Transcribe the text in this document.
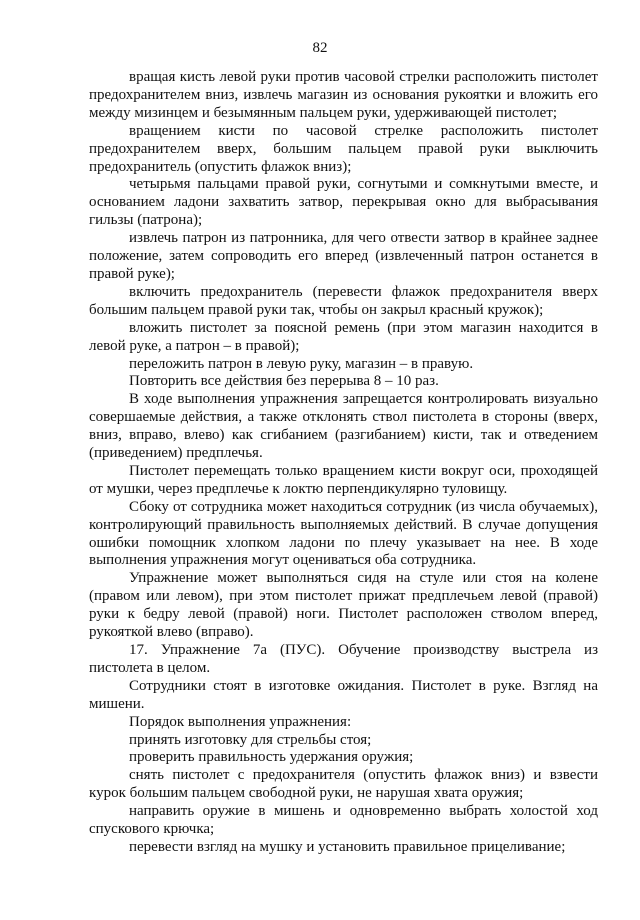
82

вращая кисть левой руки против часовой стрелки расположить пистолет предохранителем вниз, извлечь магазин из основания рукоятки и вложить его между мизинцем и безымянным пальцем руки, удерживающей пистолет;

вращением кисти по часовой стрелке расположить пистолет предохранителем вверх, большим пальцем правой руки выключить предохранитель (опустить флажок вниз);

четырьмя пальцами правой руки, согнутыми и сомкнутыми вместе, и основанием ладони захватить затвор, перекрывая окно для выбрасывания гильзы (патрона);

извлечь патрон из патронника, для чего отвести затвор в крайнее заднее положение, затем сопроводить его вперед (извлеченный патрон останется в правой руке);

включить предохранитель (перевести флажок предохранителя вверх большим пальцем правой руки так, чтобы он закрыл красный кружок);

вложить пистолет за поясной ремень (при этом магазин находится в левой руке, а патрон – в правой);

переложить патрон в левую руку, магазин – в правую.

Повторить все действия без перерыва 8 – 10 раз.

В ходе выполнения упражнения запрещается контролировать визуально совершаемые действия, а также отклонять ствол пистолета в стороны (вверх, вниз, вправо, влево) как сгибанием (разгибанием) кисти, так и отведением (приведением) предплечья.

Пистолет перемещать только вращением кисти вокруг оси, проходящей от мушки, через предплечье к локтю перпендикулярно туловищу.

Сбоку от сотрудника может находиться сотрудник (из числа обучаемых), контролирующий правильность выполняемых действий. В случае допущения ошибки помощник хлопком ладони по плечу указывает на нее. В ходе выполнения упражнения могут оцениваться оба сотрудника.

Упражнение может выполняться сидя на стуле или стоя на колене (правом или левом), при этом пистолет прижат предплечьем левой (правой) руки к бедру левой (правой) ноги. Пистолет расположен стволом вперед, рукояткой влево (вправо).

17. Упражнение 7а (ПУС). Обучение производству выстрела из пистолета в целом.

Сотрудники стоят в изготовке ожидания. Пистолет в руке. Взгляд на мишени.

Порядок выполнения упражнения:

принять изготовку для стрельбы стоя;

проверить правильность удержания оружия;

снять пистолет с предохранителя (опустить флажок вниз) и взвести курок большим пальцем свободной руки, не нарушая хвата оружия;

направить оружие в мишень и одновременно выбрать холостой ход спускового крючка;

перевести взгляд на мушку и установить правильное прицеливание;
